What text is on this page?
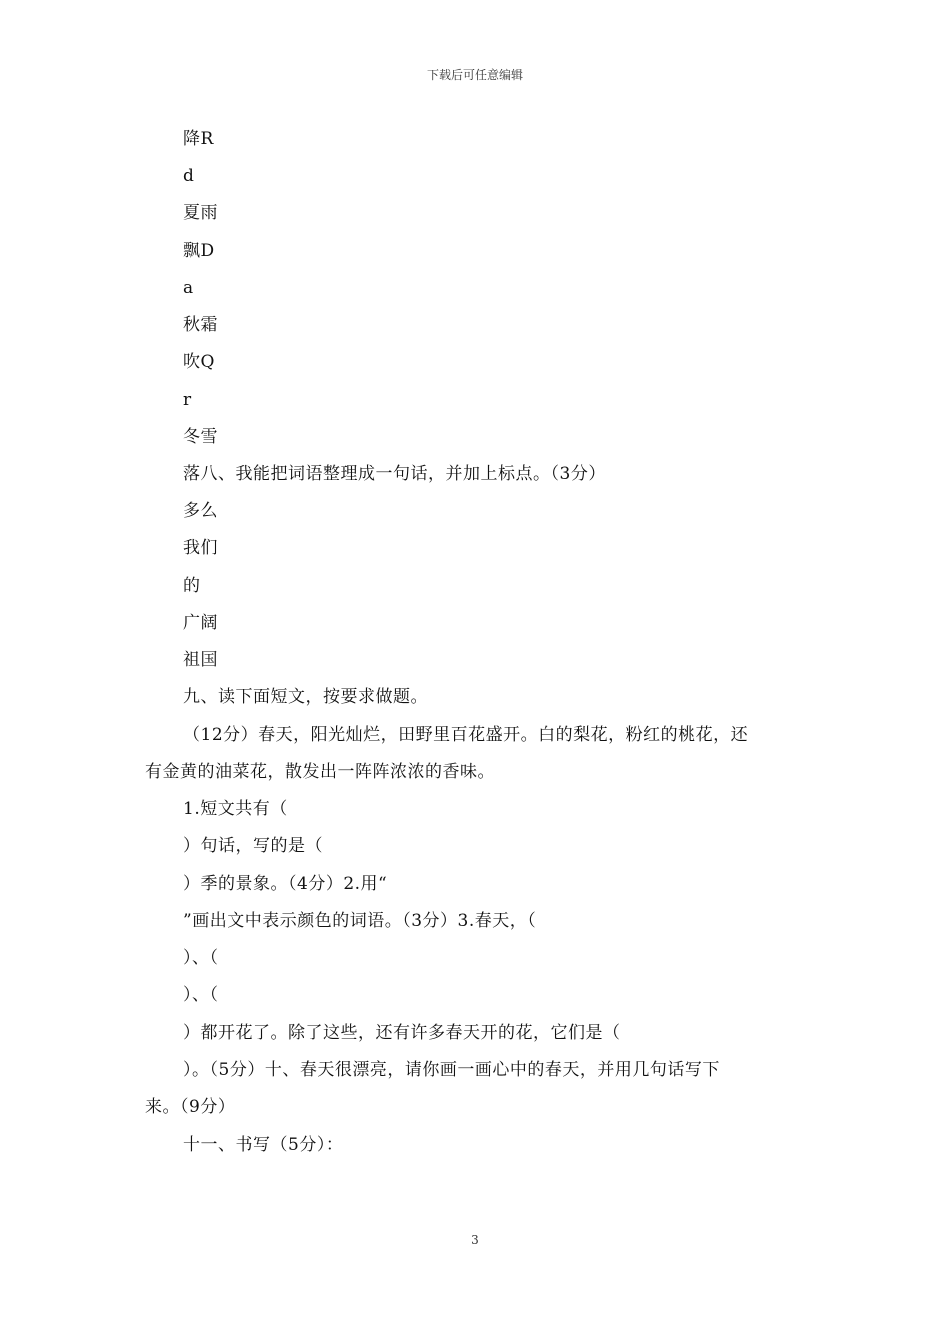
下载后可任意编辑
降R
d
夏雨
飘D
a
秋霜
吹Q
r
冬雪
落八、我能把词语整理成一句话，并加上标点。（3分）
多么
我们
的
广阔
祖国
九、读下面短文，按要求做题。
（12分）春天，阳光灿烂，田野里百花盛开。白的梨花，粉红的桃花，还
有金黄的油菜花，散发出一阵阵浓浓的香味。
1.短文共有（
）句话，写的是（
）季的景象。（4分）2.用“
”画出文中表示颜色的词语。（3分）3.春天，（
）、（
）、（
）都开花了。除了这些，还有许多春天开的花，它们是（
）。（5分）十、春天很漂亮，请你画一画心中的春天，并用几句话写下
来。（9分）
十一、书写（5分）：
3
